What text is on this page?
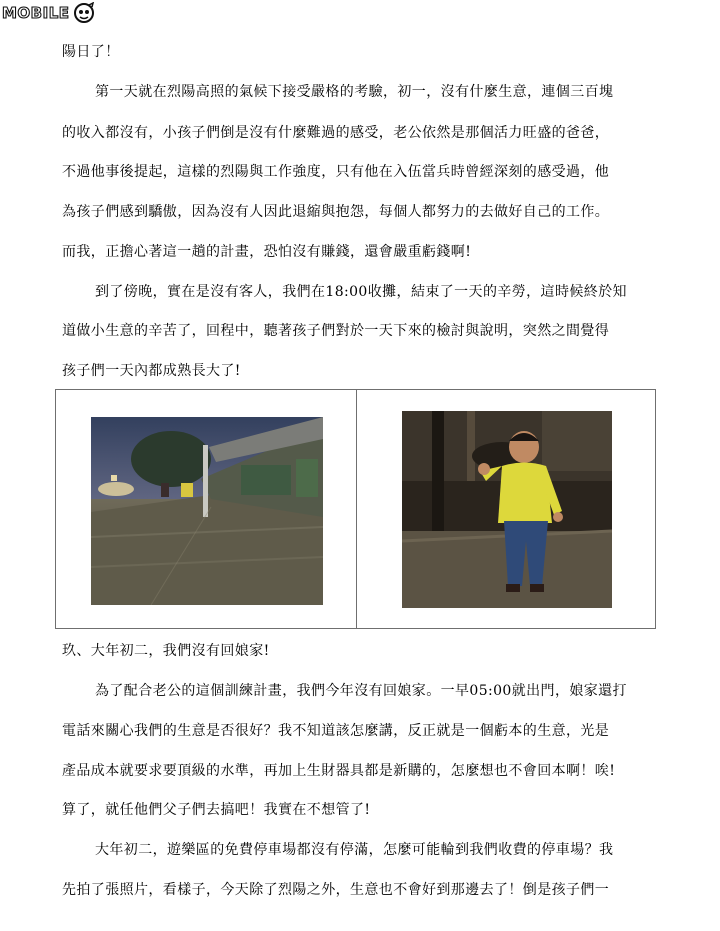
MOBILE
陽日了！
第一天就在烈陽高照的氣候下接受嚴格的考驗，初一，沒有什麼生意，連個三百塊
的收入都沒有，小孩子們倒是沒有什麼難過的感受，老公依然是那個活力旺盛的爸爸，
不過他事後提起，這樣的烈陽與工作強度，只有他在入伍當兵時曾經深刻的感受過，他
為孩子們感到驕傲，因為沒有人因此退縮與抱怨，每個人都努力的去做好自己的工作。
而我，正擔心著這一趟的計畫，恐怕沒有賺錢，還會嚴重虧錢啊!
到了傍晚，實在是沒有客人，我們在18:00收攤，結束了一天的辛勞，這時候終於知
道做小生意的辛苦了，回程中，聽著孩子們對於一天下來的檢討與說明，突然之間覺得
孩子們一天內都成熟長大了!
玖、大年初二，我們沒有回娘家!
為了配合老公的這個訓練計畫，我們今年沒有回娘家。一早05:00就出門，娘家還打
電話來關心我們的生意是否很好？我不知道該怎麼講，反正就是一個虧本的生意，光是
產品成本就要求要頂級的水準，再加上生財器具都是新購的，怎麼想也不會回本啊！唉!
算了，就任他們父子們去搞吧！我實在不想管了!
大年初二，遊樂區的免費停車場都沒有停滿，怎麼可能輪到我們收費的停車場？我
先拍了張照片，看樣子，今天除了烈陽之外，生意也不會好到那邊去了！倒是孩子們一
